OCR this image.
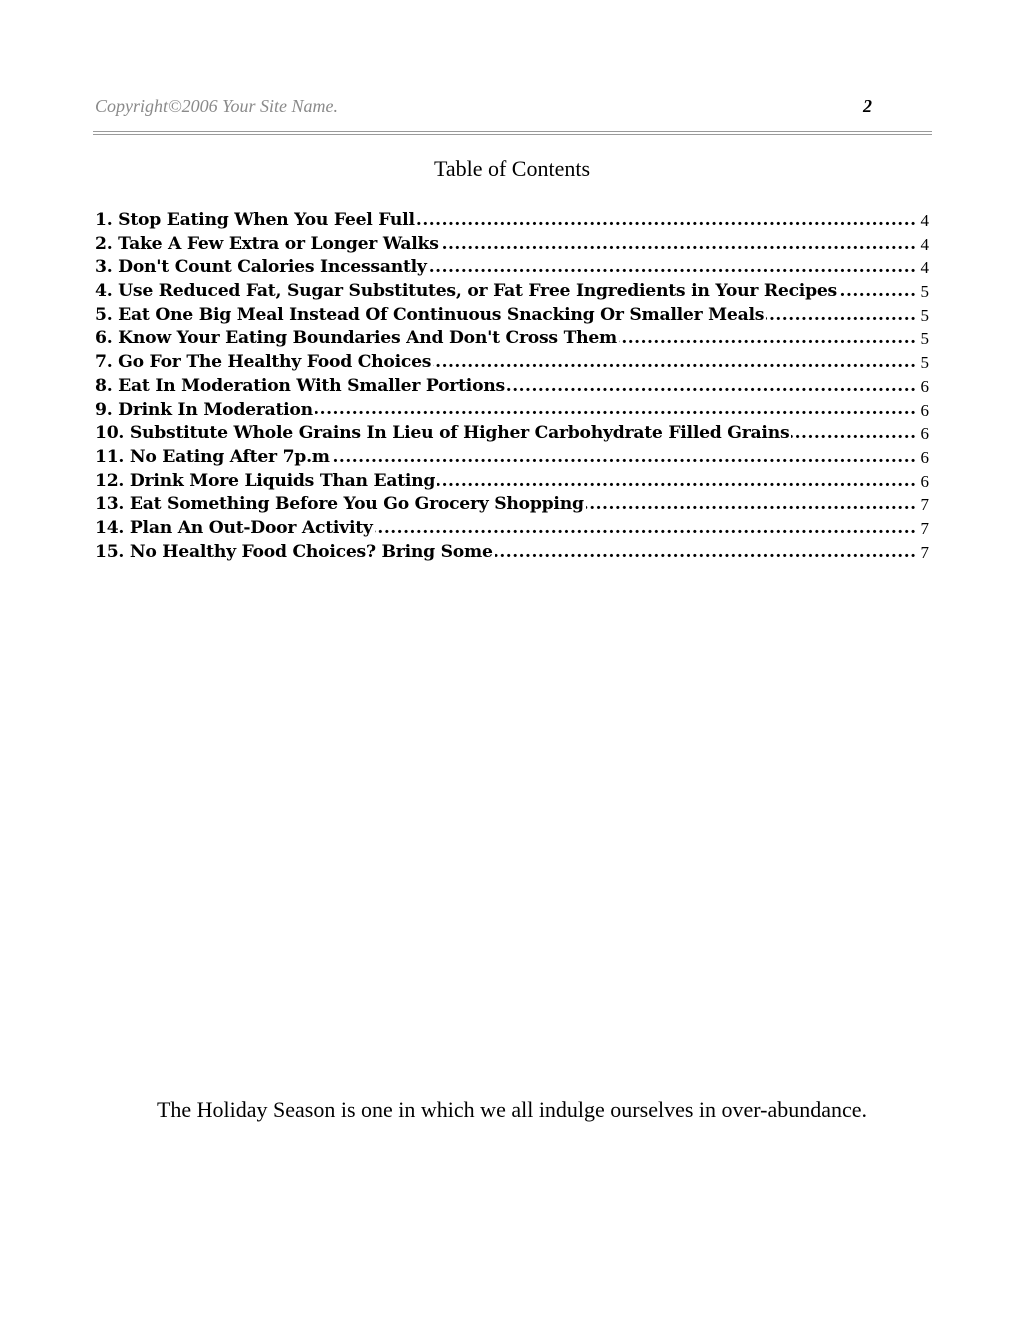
Copyright©2006 Your Site Name.	2
Table of Contents
1. Stop Eating When You Feel Full	4
.....
2. Take A Few Extra or Longer Walks	4
.....
3. Don't Count Calories Incessantly	4
.....
4. Use Reduced Fat, Sugar Substitutes, or Fat Free Ingredients in Your Recipes	5
.....
5. Eat One Big Meal Instead Of Continuous Snacking Or Smaller Meals	5
.....
6. Know Your Eating Boundaries And Don't Cross Them	5
.....
7. Go For The Healthy Food Choices	5
.....
8. Eat In Moderation With Smaller Portions	6
.....
9. Drink In Moderation	6
.....
10. Substitute Whole Grains In Lieu of Higher Carbohydrate Filled Grains	6
.....
11. No Eating After 7p.m	6
.....
12. Drink More Liquids Than Eating	6
.....
13. Eat Something Before You Go Grocery Shopping	7
.....
14. Plan An Out-Door Activity	7
.....
15. No Healthy Food Choices? Bring Some	7
.....
The Holiday Season is one in which we all indulge ourselves in over-abundance.
